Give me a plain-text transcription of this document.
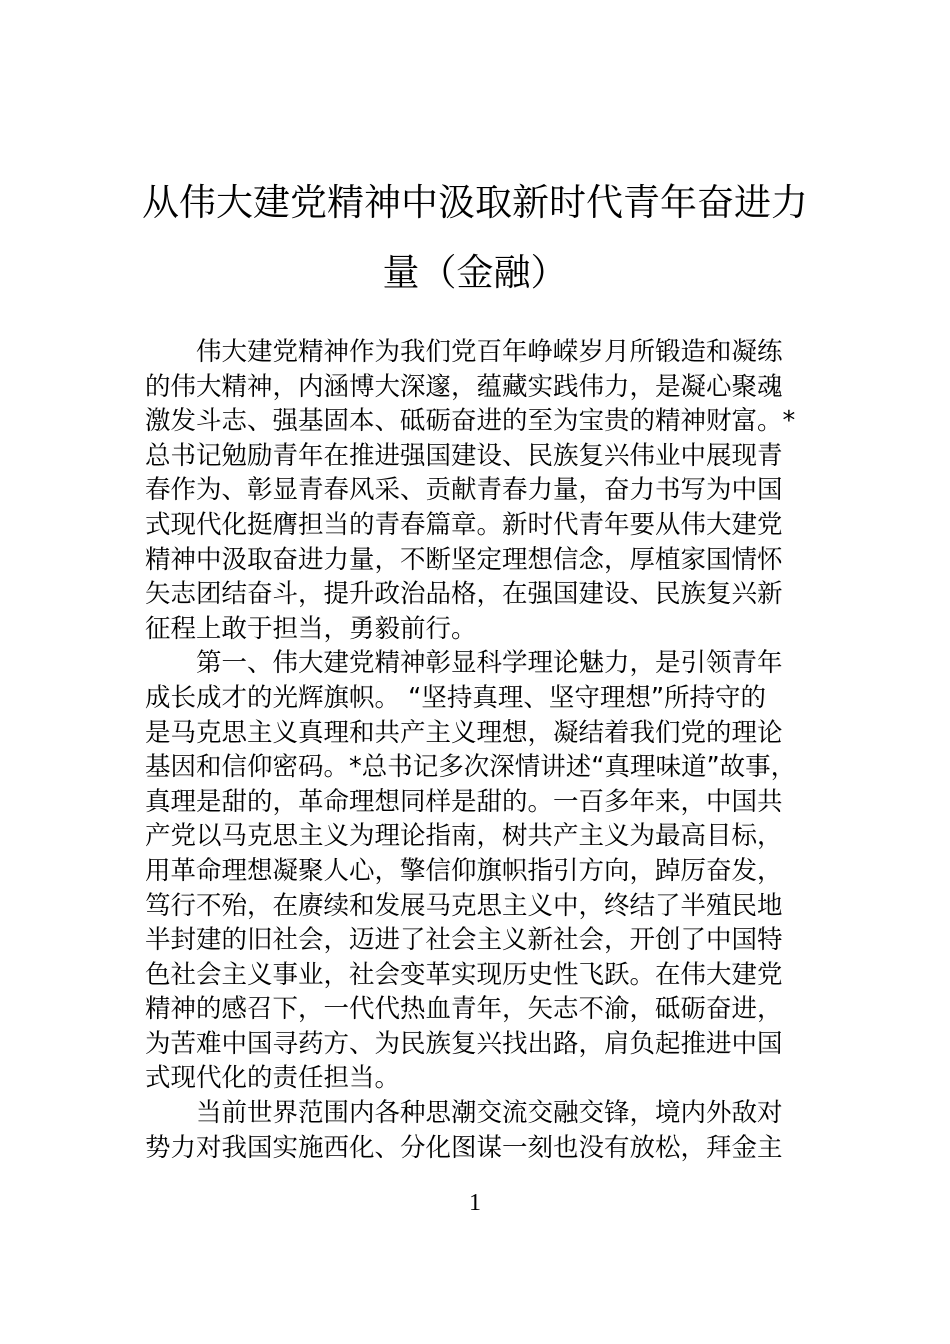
从伟大建党精神中汲取新时代青年奋进力
量（金融）
伟大建党精神作为我们党百年峥嵘岁月所锻造和凝练
的伟大精神，内涵博大深邃，蕴藏实践伟力，是凝心聚魂
激发斗志、强基固本、砥砺奋进的至为宝贵的精神财富。*
总书记勉励青年在推进强国建设、民族复兴伟业中展现青
春作为、彰显青春风采、贡献青春力量，奋力书写为中国
式现代化挺膺担当的青春篇章。新时代青年要从伟大建党
精神中汲取奋进力量，不断坚定理想信念，厚植家国情怀
矢志团结奋斗，提升政治品格，在强国建设、民族复兴新
征程上敢于担当，勇毅前行。
第一、伟大建党精神彰显科学理论魅力，是引领青年
成长成才的光辉旗帜。 “坚持真理、坚守理想”所持守的
是马克思主义真理和共产主义理想，凝结着我们党的理论
基因和信仰密码。*总书记多次深情讲述“真理味道”故事，
真理是甜的，革命理想同样是甜的。一百多年来，中国共
产党以马克思主义为理论指南，树共产主义为最高目标，
用革命理想凝聚人心，擎信仰旗帜指引方向，踔厉奋发，
笃行不殆，在赓续和发展马克思主义中，终结了半殖民地
半封建的旧社会，迈进了社会主义新社会，开创了中国特
色社会主义事业，社会变革实现历史性飞跃。在伟大建党
精神的感召下，一代代热血青年，矢志不渝，砥砺奋进，
为苦难中国寻药方、为民族复兴找出路，肩负起推进中国
式现代化的责任担当。
当前世界范围内各种思潮交流交融交锋，境内外敌对
势力对我国实施西化、分化图谋一刻也没有放松，拜金主
1
